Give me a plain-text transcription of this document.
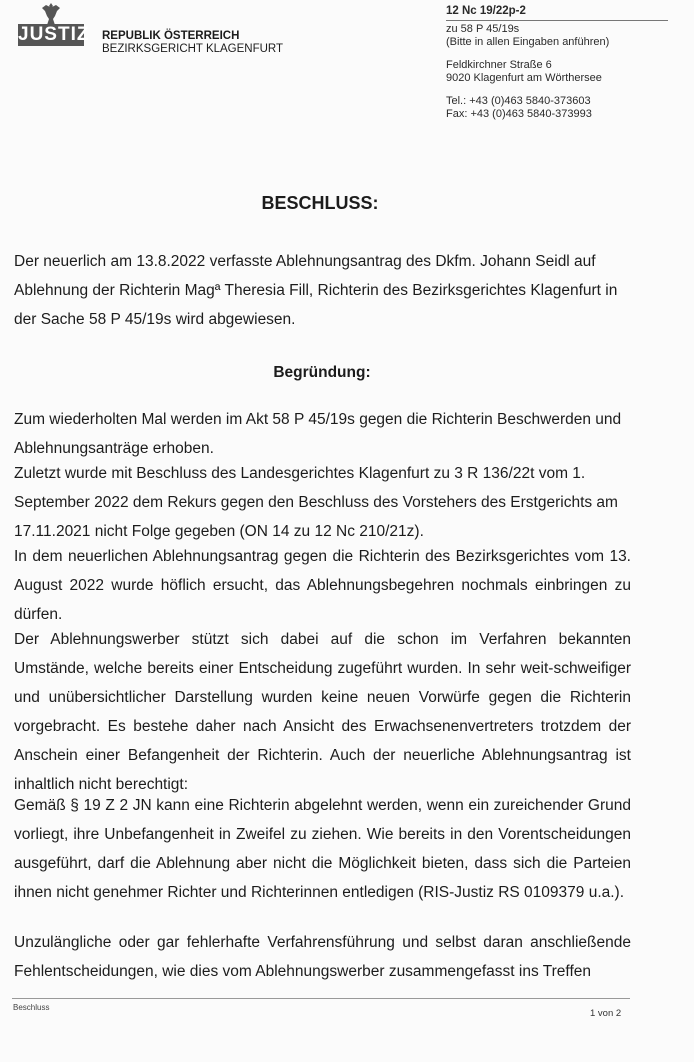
JUSTIZ REPUBLIK ÖSTERREICH
BEZIRKSGERICHT KLAGENFURT
12 Nc 19/22p-2
zu 58 P 45/19s
(Bitte in allen Eingaben anführen)
Feldkirchner Straße 6
9020 Klagenfurt am Wörthersee
Tel.: +43 (0)463 5840-373603
Fax: +43 (0)463 5840-373993
BESCHLUSS:

Der neuerlich am 13.8.2022 verfasste Ablehnungsantrag des Dkfm. Johann Seidl auf Ablehnung der Richterin Magª Theresia Fill, Richterin des Bezirksgerichtes Klagenfurt in der Sache 58 P 45/19s wird abgewiesen.

Begründung:

Zum wiederholten Mal werden im Akt 58 P 45/19s gegen die Richterin Beschwerden und Ablehnungsanträge erhoben.

Zuletzt wurde mit Beschluss des Landesgerichtes Klagenfurt zu 3 R 136/22t vom 1. September 2022 dem Rekurs gegen den Beschluss des Vorstehers des Erstgerichts am 17.11.2021 nicht Folge gegeben (ON 14 zu 12 Nc 210/21z).

In dem neuerlichen Ablehnungsantrag gegen die Richterin des Bezirksgerichtes vom 13. August 2022 wurde höflich ersucht, das Ablehnungsbegehren nochmals einbringen zu dürfen.

Der Ablehnungswerber stützt sich dabei auf die schon im Verfahren bekannten Umstände, welche bereits einer Entscheidung zugeführt wurden. In sehr weit-schweifiger und unübersichtlicher Darstellung wurden keine neuen Vorwürfe gegen die Richterin vorgebracht. Es bestehe daher nach Ansicht des Erwachsenenvertreters trotzdem der Anschein einer Befangenheit der Richterin. Auch der neuerliche Ablehnungsantrag ist inhaltlich nicht berechtigt:

Gemäß § 19 Z 2 JN kann eine Richterin abgelehnt werden, wenn ein zureichender Grund vorliegt, ihre Unbefangenheit in Zweifel zu ziehen. Wie bereits in den Vorentscheidungen ausgeführt, darf die Ablehnung aber nicht die Möglichkeit bieten, dass sich die Parteien ihnen nicht genehmer Richter und Richterinnen entledigen (RIS-Justiz RS 0109379 u.a.).

Unzulängliche oder gar fehlerhafte Verfahrensführung und selbst daran anschließende Fehlentscheidungen, wie dies vom Ablehnungswerber zusammengefasst ins Treffen

Beschluss
1 von 2
